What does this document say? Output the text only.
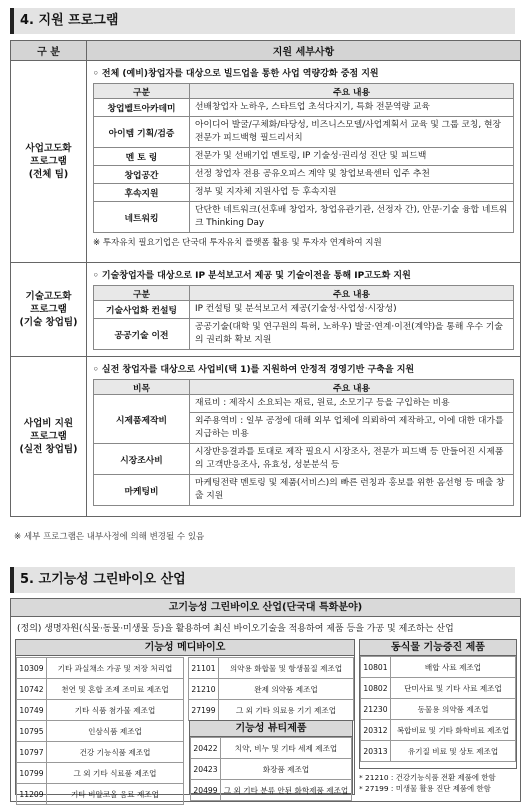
4. 지원 프로그램
구 분	지원 세부사항
사업고도화
프로그램
(전체 팀)	
◦ 전체 (예비)창업자를 대상으로 빌드업을 통한 사업 역량강화 중점 지원
구분	주요 내용
창업벨트아카데미	선배창업자 노하우, 스타트업 초석다지기, 특화 전문역량 교육
아이템 기획/검증	아이디어 발굴/구체화/타당성, 비즈니스모델/사업계획서 교육 및 그룹 코칭, 현장 전문가 피드백형 필드리서치
멘 토 링	전문가 및 선배기업 멘토링, IP 기술성·권리성 진단 및 피드백
창업공간	선정 창업자 전용 공유오피스 계약 및 창업보육센터 입주 추천
후속지원	정부 및 지자체 지원사업 등 후속지원
네트워킹	단단한 네트워크(선후배 창업자, 창업유관기관, 선정자 간), 안문·기술 융합 네트워크 Thinking Day
※ 투자유치 필요기업은 단국대 투자유치 플랫폼 활용 및 투자자 연계하여 지원

기술고도화
프로그램
(기술 창업팀)	
◦ 기술창업자를 대상으로 IP 분석보고서 제공 및 기술이전을 통해 IP고도화 지원
구분	주요 내용
기술사업화 컨설팅	IP 컨설팅 및 분석보고서 제공(기술성·사업성·시장성)
공공기술 이전	공공기술(대학 및 연구원의 특허, 노하우) 발굴·연계·이전(계약)을 통해 우수 기술의 권리화 확보 지원

사업비 지원
프로그램
(실전 창업팀)	
◦ 실전 창업자를 대상으로 사업비(택 1)를 지원하여 안정적 경영기반 구축을 지원
비목	주요 내용
시제품제작비	재료비 : 제작시 소요되는 재료, 원료, 소모기구 등을 구입하는 비용
외주용역비 : 일부 공정에 대해 외부 업체에 의뢰하여 제작하고, 이에 대한 대가를 지급하는 비용
시장조사비	시장반응결과를 토대로 제작 필요시 시장조사, 전문가 피드백 등 만들어진 시제품의 고객반응조사, 유효성, 성분분석 등
마케팅비	마케팅전략 멘토링 및 제품(서비스)의 빠른 런칭과 홍보를 위한 옴선형 등 매출 창출 지원
※ 세부 프로그램은 내부사정에 의해 변경될 수 있음
5. 고기능성 그린바이오 산업
고기능성 그린바이오 산업(단국대 특화분야)
(정의) 생명자원(식물·동물·미생물 등)을 활용하여 최신 바이오기술을 적용하여 제품 등을 가공 및 제조하는 산업
기능성 메디바이오
10309	기타 과실채소 가공 및 저장 처리업
10742	천연 및 혼합 조제 조미료 제조업
10749	기타 식품 첨가물 제조업
10795	인삼식품 제조업
10797	건강 기능식품 제조업
10799	그 외 기타 식료품 제조업
11209	기타 비알코올 음료 제조업
21101	의약용 화합물 및 항생물질 제조업
21210	완제 의약품 제조업
27199	그 외 기타 의료용 기기 제조업
기능성 뷰티제품
20422	치약, 비누 및 기타 세제 제조업
20423	화장품 제조업
20499	그 외 기타 분류 안된 화학제품 제조업
동식물 기능증진 제품
10801	배합 사료 제조업
10802	단미사료 및 기타 사료 제조업
21230	동물용 의약품 제조업
20312	복합비료 및 기타 화학비료 제조업
20313	유기질 비료 및 상토 제조업
* 21210 : 건강기능식품 전환 제품에 한함
* 27199 : 미생물 활용 진단 제품에 한함
